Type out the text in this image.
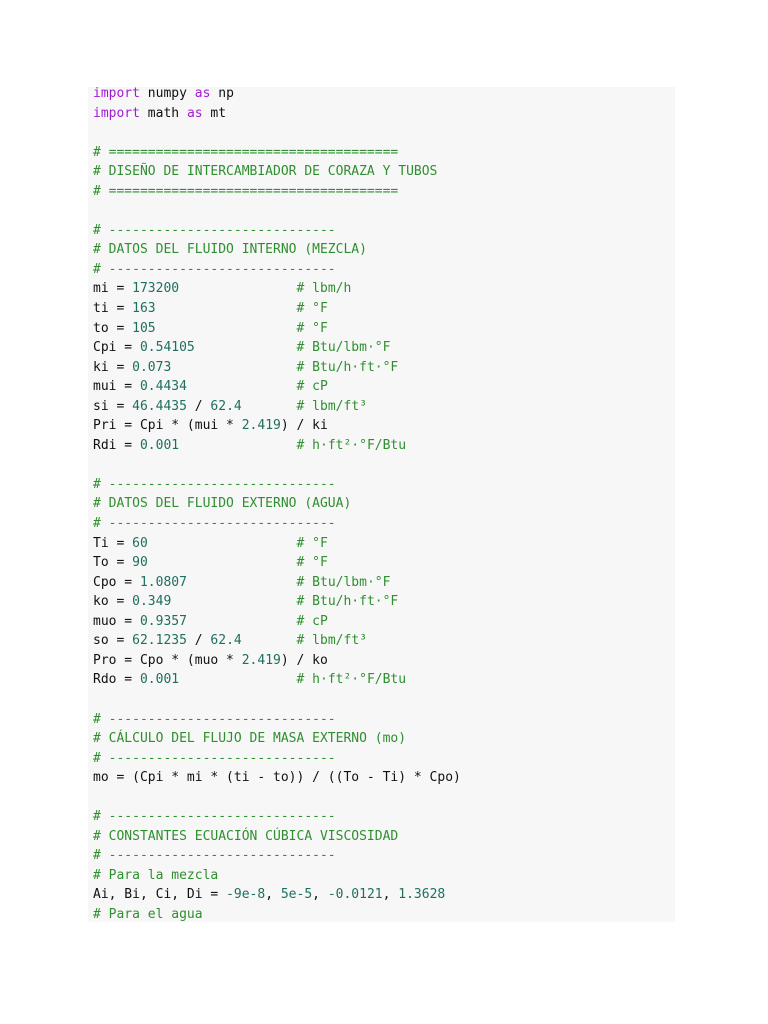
import numpy as np
import math as mt
# =====================================
# DISEÑO DE INTERCAMBIADOR DE CORAZA Y TUBOS
# =====================================
# -----------------------------
# DATOS DEL FLUIDO INTERNO (MEZCLA)
# -----------------------------
mi = 173200	# lbm/h
ti = 163	# °F
to = 105	# °F
Cpi = 0.54105	# Btu/lbm·°F
ki = 0.073	# Btu/h·ft·°F
mui = 0.4434	# cP
si = 46.4435 / 62.4	# lbm/ft³
Pri = Cpi * (mui * 2.419) / ki
Rdi = 0.001	# h·ft²·°F/Btu
# -----------------------------
# DATOS DEL FLUIDO EXTERNO (AGUA)
# -----------------------------
Ti = 60	# °F
To = 90	# °F
Cpo = 1.0807	# Btu/lbm·°F
ko = 0.349	# Btu/h·ft·°F
muo = 0.9357	# cP
so = 62.1235 / 62.4	# lbm/ft³
Pro = Cpo * (muo * 2.419) / ko
Rdo = 0.001	# h·ft²·°F/Btu
# -----------------------------
# CÁLCULO DEL FLUJO DE MASA EXTERNO (mo)
# -----------------------------
mo = (Cpi * mi * (ti - to)) / ((To - Ti) * Cpo)
# -----------------------------
# CONSTANTES ECUACIÓN CÚBICA VISCOSIDAD
# -----------------------------
# Para la mezcla
Ai, Bi, Ci, Di = -9e-8, 5e-5, -0.0121, 1.3628
# Para el agua
